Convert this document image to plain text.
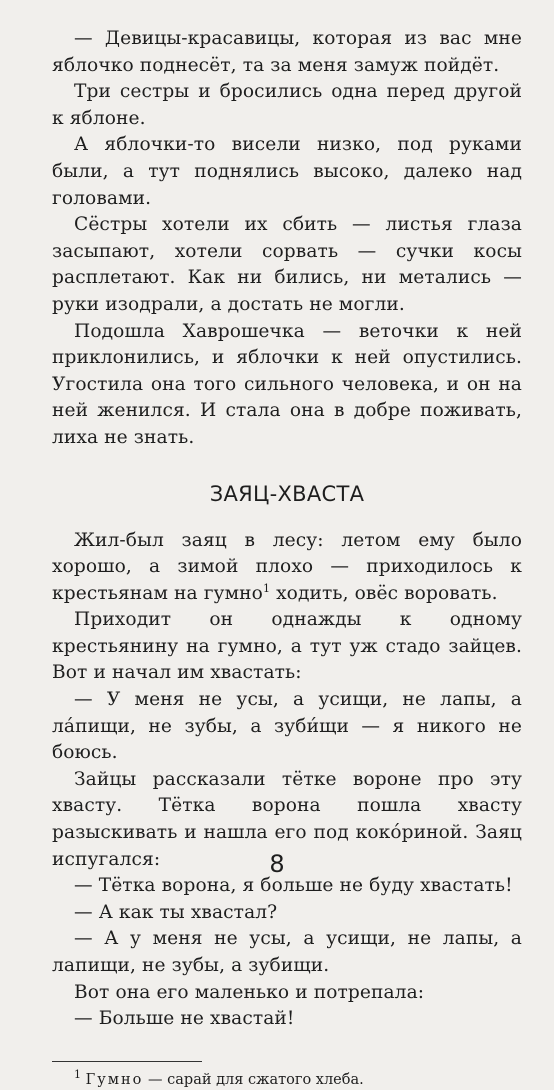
— Девицы-красавицы, которая из вас мне яблочко поднесёт, та за меня замуж пойдёт.

Три сестры и бросились одна перед другой к яблоне.

А яблочки-то висели низко, под руками были, а тут поднялись высоко, далеко над головами.

Сёстры хотели их сбить — листья глаза засыпают, хотели сорвать — сучки косы расплетают. Как ни бились, ни метались — руки изодрали, а достать не могли.

Подошла Хаврошечка — веточки к ней приклонились, и яблочки к ней опустились. Угостила она того сильного человека, и он на ней женился. И стала она в добре поживать, лиха не знать.

ЗАЯЦ-ХВАСТА

Жил-был заяц в лесу: летом ему было хорошо, а зимой плохо — приходилось к крестьянам на гумно$^1$ ходить, овёс воровать.

Приходит он однажды к одному крестьянину на гумно, а тут уж стадо зайцев. Вот и начал им хвастать:

— У меня не усы, а усищи, не лапы, а ла́пищи, не зубы, а зуби́щи — я никого не боюсь.

Зайцы рассказали тётке вороне про эту хвасту. Тётка ворона пошла хвасту разыскивать и нашла его под кокóриной. Заяц испугался:

— Тётка ворона, я больше не буду хвастать!

— А как ты хвастал?

— А у меня не усы, а усищи, не лапы, а лапищи, не зубы, а зубищи.

Вот она его маленько и потрепала:

— Больше не хвастай!

$^1$ Гумно — сарай для сжатого хлеба.

8
